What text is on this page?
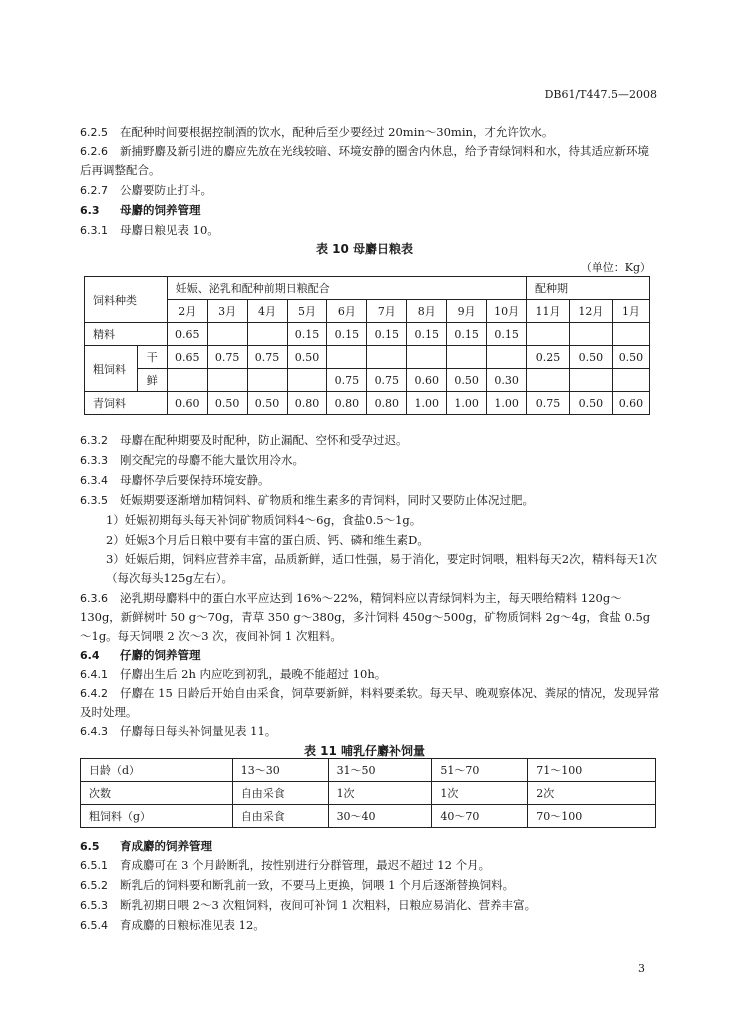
DB61/T447.5—2008
6.2.5 在配种时间要根据控制酒的饮水，配种后至少要经过 20min～30min，才允许饮水。
6.2.6 新捕野麝及新引进的麝应先放在光线较暗、环境安静的圈舍内休息，给予青绿饲料和水，待其适应新环境后再调整配合。
6.2.7 公麝要防止打斗。
6.3 母麝的饲养管理
6.3.1 母麝日粮见表 10。
表 10 母麝日粮表
（单位：Kg）
饲料种类		妊娠、泌乳和配种前期日粮配合									配种期		
		2月	3月	4月	5月	6月	7月	8月	9月	10月	11月	12月	1月
精料		0.65			0.15	0.15	0.15	0.15	0.15	0.15			
粗饲料	干	0.65	0.75	0.75	0.50						0.25	0.50	0.50
	鲜					0.75	0.75	0.60	0.50	0.30			
青饲料		0.60	0.50	0.50	0.80	0.80	0.80	1.00	1.00	1.00	0.75	0.50	0.60
6.3.2 母麝在配种期要及时配种，防止漏配、空怀和受孕过迟。
6.3.3 刚交配完的母麝不能大量饮用冷水。
6.3.4 母麝怀孕后要保持环境安静。
6.3.5 妊娠期要逐渐增加精饲料、矿物质和维生素多的青饲料，同时又要防止体况过肥。
1）妊娠初期每头每天补饲矿物质饲料4～6g，食盐0.5～1g。
2）妊娠3个月后日粮中要有丰富的蛋白质、钙、磷和维生素D。
3）妊娠后期，饲料应营养丰富，品质新鲜，适口性强，易于消化，要定时饲喂，粗料每天2次，精料每天1次（每次每头125g左右）。
6.3.6 泌乳期母麝料中的蛋白水平应达到 16%～22%，精饲料应以青绿饲料为主，每天喂给精料 120g～130g，新鲜树叶 50 g～70g，青草 350 g～380g，多汁饲料 450g～500g，矿物质饲料 2g～4g，食盐 0.5g～1g。每天饲喂 2 次～3 次，夜间补饲 1 次粗料。
6.4 仔麝的饲养管理
6.4.1 仔麝出生后 2h 内应吃到初乳，最晚不能超过 10h。
6.4.2 仔麝在 15 日龄后开始自由采食，饲草要新鲜，料料要柔软。每天早、晚观察体况、粪尿的情况，发现异常及时处理。
6.4.3 仔麝每日每头补饲量见表 11。
表 11 哺乳仔麝补饲量
日龄（d）	13～30	31～50	51～70	71～100
次数	自由采食	1次	1次	2次
粗饲料（g）	自由采食	30～40	40～70	70～100
6.5 育成麝的饲养管理
6.5.1 育成麝可在 3 个月龄断乳，按性别进行分群管理，最迟不超过 12 个月。
6.5.2 断乳后的饲料要和断乳前一致，不要马上更换，饲喂 1 个月后逐渐替换饲料。
6.5.3 断乳初期日喂 2～3 次粗饲料，夜间可补饲 1 次粗料，日粮应易消化、营养丰富。
6.5.4 育成麝的日粮标准见表 12。
3
